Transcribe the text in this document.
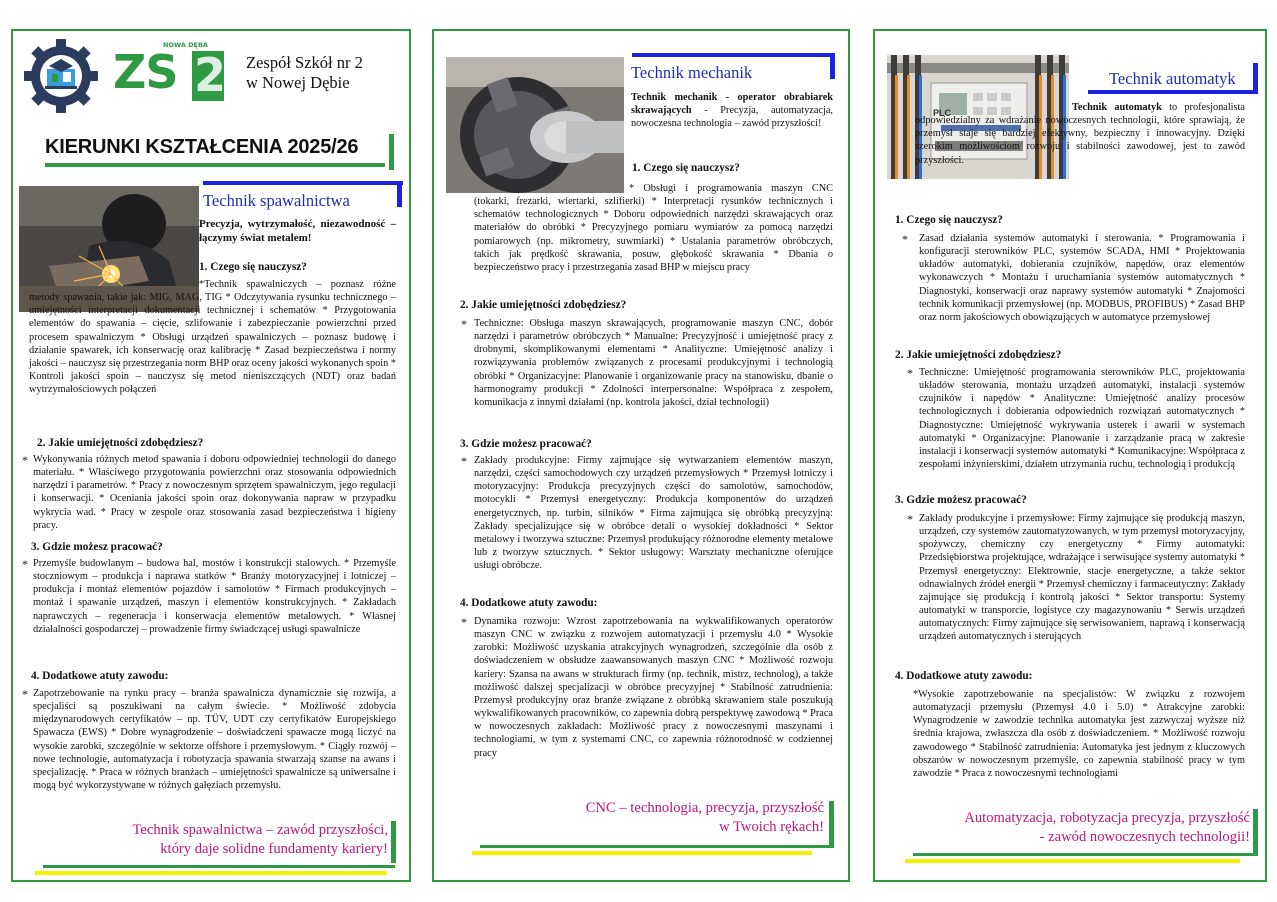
ZS 2
NOWA DĘBA
Zespół Szkół nr 2
w Nowej Dębie
KIERUNKI KSZTAŁCENIA 2025/26
Technik spawalnictwa
Precyzja, wytrzymałość, niezawodność – łączymy świat metalem!
1. Czego się nauczysz?
*Technik spawalniczych – poznasz różne metody spawania, takie jak: MIG, MAG, TIG * Odczytywania rysunku technicznego – umiejętności interpretacji dokumentacji technicznej i schematów * Przygotowania elementów do spawania – cięcie, szlifowanie i zabezpieczanie powierzchni przed procesem spawalniczym * Obsługi urządzeń spawalniczych – poznasz budowę i działanie spawarek, ich konserwację oraz kalibrację * Zasad bezpieczeństwa i normy jakości – nauczysz się przestrzegania norm BHP oraz oceny jakości wykonanych spoin * Kontroli jakości spoin – nauczysz się metod nieniszczących (NDT) oraz badań wytrzymałościowych połączeń
2. Jakie umiejętności zdobędziesz?
* Wykonywania różnych metod spawania i doboru odpowiedniej technologii do danego materiału. * Właściwego przygotowania powierzchni oraz stosowania odpowiednich narzędzi i parametrów. * Pracy z nowoczesnym sprzętem spawalniczym, jego regulacji i konserwacji. * Oceniania jakości spoin oraz dokonywania napraw w przypadku wykrycia wad. * Pracy w zespole oraz stosowania zasad bezpieczeństwa i higieny pracy.
3. Gdzie możesz pracować?
* Przemyśle budowlanym – budowa hal, mostów i konstrukcji stalowych. * Przemyśle stoczniowym – produkcja i naprawa statków * Branży motoryzacyjnej i lotniczej – produkcja i montaż elementów pojazdów i samolotów * Firmach produkcyjnych – montaż i spawanie urządzeń, maszyn i elementów konstrukcyjnych. * Zakładach naprawczych – regeneracja i konserwacja elementów metalowych. * Własnej działalności gospodarczej – prowadzenie firmy świadczącej usługi spawalnicze
4. Dodatkowe atuty zawodu:
* Zapotrzebowanie na rynku pracy – branża spawalnicza dynamicznie się rozwija, a specjaliści są poszukiwani na całym świecie. * Możliwość zdobycia międzynarodowych certyfikatów – np. TÜV, UDT czy certyfikatów Europejskiego Spawacza (EWS) * Dobre wynagrodzenie – doświadczeni spawacze mogą liczyć na wysokie zarobki, szczególnie w sektorze offshore i przemysłowym. * Ciągły rozwój – nowe technologie, automatyzacja i robotyzacja spawania stwarzają szanse na awans i specjalizację. * Praca w różnych branżach – umiejętności spawalnicze są uniwersalne i mogą być wykorzystywane w różnych gałęziach przemysłu.
Technik spawalnictwa – zawód przyszłości,
który daje solidne fundamenty kariery!
Technik mechanik
Technik mechanik - operator obrabiarek skrawających - Precyzja, automatyzacja, nowoczesna technologia – zawód przyszłości!
1. Czego się nauczysz?
* Obsługi i programowania maszyn CNC (tokarki, frezarki, wiertarki, szlifierki) * Interpretacji rysunków technicznych i schematów technologicznych * Doboru odpowiednich narzędzi skrawających oraz materiałów do obróbki * Precyzyjnego pomiaru wymiarów za pomocą narzędzi pomiarowych (np. mikrometry, suwmiarki) * Ustalania parametrów obróbczych, takich jak prędkość skrawania, posuw, głębokość skrawania * Dbania o bezpieczeństwo pracy i przestrzegania zasad BHP w miejscu pracy
2. Jakie umiejętności zdobędziesz?
* Techniczne: Obsługa maszyn skrawających, programowanie maszyn CNC, dobór narzędzi i parametrów obróbczych * Manualne: Precyzyjność i umiejętność pracy z drobnymi, skomplikowanymi elementami * Analityczne: Umiejętność analizy i rozwiązywania problemów związanych z procesami produkcyjnymi i technologią obróbki * Organizacyjne: Planowanie i organizowanie pracy na stanowisku, dbanie o harmonogramy produkcji * Zdolności interpersonalne: Współpraca z zespołem, komunikacja z innymi działami (np. kontrola jakości, dział technologii)
3. Gdzie możesz pracować?
* Zakłady produkcyjne: Firmy zajmujące się wytwarzaniem elementów maszyn, narzędzi, części samochodowych czy urządzeń przemysłowych * Przemysł lotniczy i motoryzacyjny: Produkcja precyzyjnych części do samolotów, samochodów, motocykli * Przemysł energetyczny: Produkcja komponentów do urządzeń energetycznych, np. turbin, silników * Firma zajmująca się obróbką precyzyjną: Zakłady specjalizujące się w obróbce detali o wysokiej dokładności * Sektor metalowy i tworzywa sztuczne: Przemysł produkujący różnorodne elementy metalowe lub z tworzyw sztucznych. * Sektor usługowy: Warsztaty mechaniczne oferujące usługi obróbcze.
4. Dodatkowe atuty zawodu:
* Dynamika rozwoju: Wzrost zapotrzebowania na wykwalifikowanych operatorów maszyn CNC w związku z rozwojem automatyzacji i przemysłu 4.0 * Wysokie zarobki: Możliwość uzyskania atrakcyjnych wynagrodzeń, szczególnie dla osób z doświadczeniem w obsłudze zaawansowanych maszyn CNC * Możliwość rozwoju kariery: Szansa na awans w strukturach firmy (np. technik, mistrz, technolog), a także możliwość dalszej specjalizacji w obróbce precyzyjnej * Stabilność zatrudnienia: Przemysł produkcyjny oraz branże związane z obróbką skrawaniem stale poszukują wykwalifikowanych pracowników, co zapewnia dobrą perspektywę zawodową * Praca w nowoczesnych zakładach: Możliwość pracy z nowoczesnymi maszynami i technologiami, w tym z systemami CNC, co zapewnia różnorodność w codziennej pracy
CNC – technologia, precyzja, przyszłość
w Twoich rękach!
PLC
Technik automatyk
Technik automatyk to profesjonalista odpowiedzialny za wdrażanie nowoczesnych technologii, które sprawiają, że przemysł staje się bardziej efektywny, bezpieczny i innowacyjny. Dzięki szerokim możliwościom rozwoju i stabilności zawodowej, jest to zawód przyszłości.
1. Czego się nauczysz?
* Zasad działania systemów automatyki i sterowania. * Programowania i konfiguracji sterowników PLC, systemów SCADA, HMI * Projektowania układów automatyki, dobierania czujników, napędów, oraz elementów wykonawczych * Montażu i uruchamiania systemów automatycznych * Diagnostyki, konserwacji oraz naprawy systemów automatyki * Znajomości technik komunikacji przemysłowej (np. MODBUS, PROFIBUS) * Zasad BHP oraz norm jakościowych obowiązujących w automatyce przemysłowej
2. Jakie umiejętności zdobędziesz?
* Techniczne: Umiejętność programowania sterowników PLC, projektowania układów sterowania, montażu urządzeń automatyki, instalacji systemów czujników i napędów * Analityczne: Umiejętność analizy procesów technologicznych i dobierania odpowiednich rozwiązań automatycznych * Diagnostyczne: Umiejętność wykrywania usterek i awarii w systemach automatyki * Organizacyjne: Planowanie i zarządzanie pracą w zakresie instalacji i konserwacji systemów automatyki * Komunikacyjne: Współpraca z zespołami inżynierskimi, działem utrzymania ruchu, technologią i produkcją
3. Gdzie możesz pracować?
* Zakłady produkcyjne i przemysłowe: Firmy zajmujące się produkcją maszyn, urządzeń, czy systemów zautomatyzowanych, w tym przemysł motoryzacyjny, spożywczy, chemiczny czy energetyczny * Firmy automatyki: Przedsiębiorstwa projektujące, wdrażające i serwisujące systemy automatyki * Przemysł energetyczny: Elektrownie, stacje energetyczne, a także sektor odnawialnych źródeł energii * Przemysł chemiczny i farmaceutyczny: Zakłady zajmujące się produkcją i kontrolą jakości * Sektor transportu: Systemy automatyki w transporcie, logistyce czy magazynowaniu * Serwis urządzeń automatycznych: Firmy zajmujące się serwisowaniem, naprawą i konserwacją urządzeń automatycznych i sterujących
4. Dodatkowe atuty zawodu:
*Wysokie zapotrzebowanie na specjalistów: W związku z rozwojem automatyzacji przemysłu (Przemysł 4.0 i 5.0) * Atrakcyjne zarobki: Wynagrodzenie w zawodzie technika automatyka jest zazwyczaj wyższe niż średnia krajowa, zwłaszcza dla osób z doświadczeniem. * Możliwość rozwoju zawodowego * Stabilność zatrudnienia: Automatyka jest jednym z kluczowych obszarów w nowoczesnym przemyśle, co zapewnia stabilność pracy w tym zawodzie * Praca z nowoczesnymi technologiami
Automatyzacja, robotyzacja precyzja, przyszłość
- zawód nowoczesnych technologii!
